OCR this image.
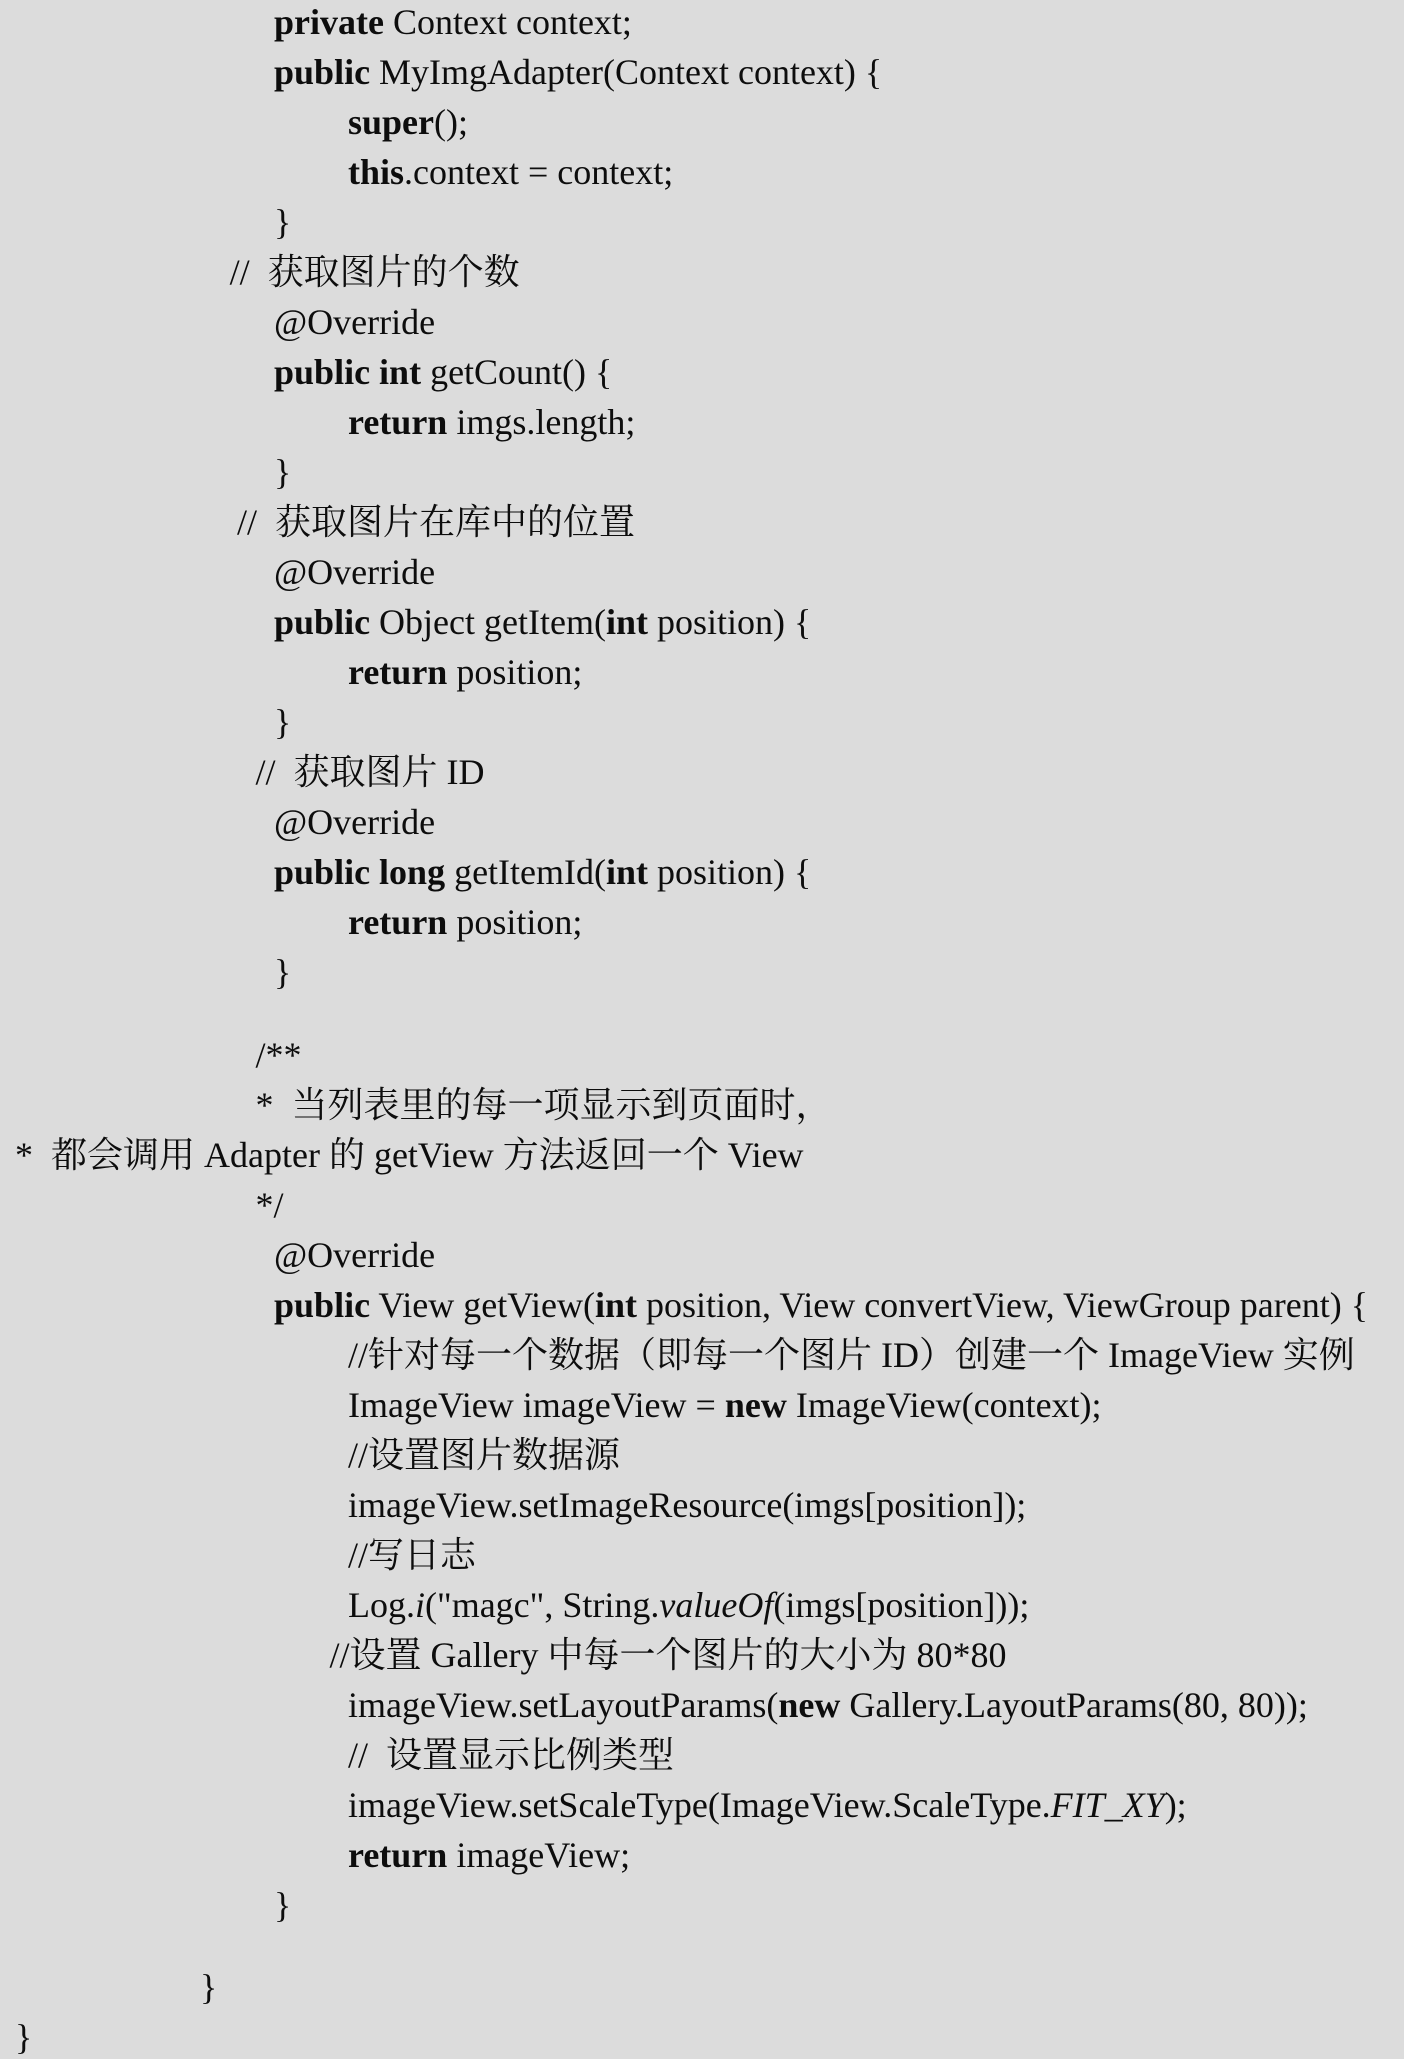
private Context context;
public MyImgAdapter(Context context) {
super();
this.context = context;
}
//  获取图片的个数
@Override
public int getCount() {
return imgs.length;
}
//  获取图片在库中的位置
@Override
public Object getItem(int position) {
return position;
}
//  获取图片 ID
@Override
public long getItemId(int position) {
return position;
}
/**
*  当列表里的每一项显示到页面时，
*  都会调用 Adapter 的 getView 方法返回一个 View
*/
@Override
public View getView(int position, View convertView, ViewGroup parent) {
//针对每一个数据（即每一个图片 ID）创建一个 ImageView 实例
ImageView imageView = new ImageView(context);
//设置图片数据源
imageView.setImageResource(imgs[position]);
//写日志
Log.i("magc", String.valueOf(imgs[position]));
//设置 Gallery 中每一个图片的大小为 80*80
imageView.setLayoutParams(new Gallery.LayoutParams(80, 80));
//  设置显示比例类型
imageView.setScaleType(ImageView.ScaleType.FIT_XY);
return imageView;
}
}
}
